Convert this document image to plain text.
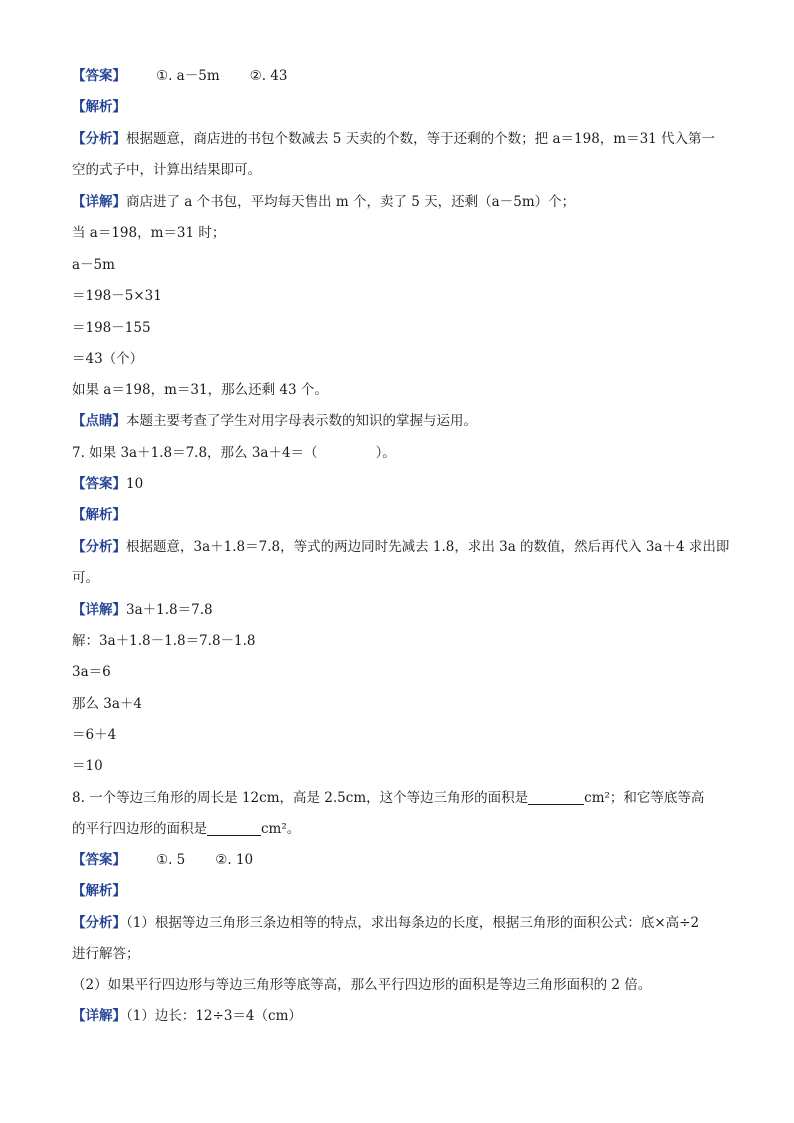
【答案】 ①. a－5m ②. 43
【解析】
【分析】根据题意，商店进的书包个数减去 5 天卖的个数，等于还剩的个数；把 a＝198，m＝31 代入第一
空的式子中，计算出结果即可。
【详解】商店进了 a 个书包，平均每天售出 m 个，卖了 5 天，还剩（a－5m）个；
当 a＝198，m＝31 时；
a－5m
＝198－5×31
＝198－155
＝43（个）
如果 a＝198，m＝31，那么还剩 43 个。
【点睛】本题主要考查了学生对用字母表示数的知识的掌握与运用。
7. 如果 3a＋1.8＝7.8，那么 3a＋4＝（	）。
【答案】10
【解析】
【分析】根据题意，3a＋1.8＝7.8，等式的两边同时先减去 1.8，求出 3a 的数值，然后再代入 3a＋4 求出即
可。
【详解】3a＋1.8＝7.8
解：3a＋1.8－1.8＝7.8－1.8
3a＝6
那么 3a＋4
＝6＋4
＝10
8. 一个等边三角形的周长是 12cm，高是 2.5cm，这个等边三角形的面积是	cm²；和它等底等高
的平行四边形的面积是	cm²。
【答案】 ①. 5 ②. 10
【解析】
【分析】（1）根据等边三角形三条边相等的特点，求出每条边的长度，根据三角形的面积公式：底×高÷2
进行解答；
（2）如果平行四边形与等边三角形等底等高，那么平行四边形的面积是等边三角形面积的 2 倍。
【详解】（1）边长：12÷3＝4（cm）
